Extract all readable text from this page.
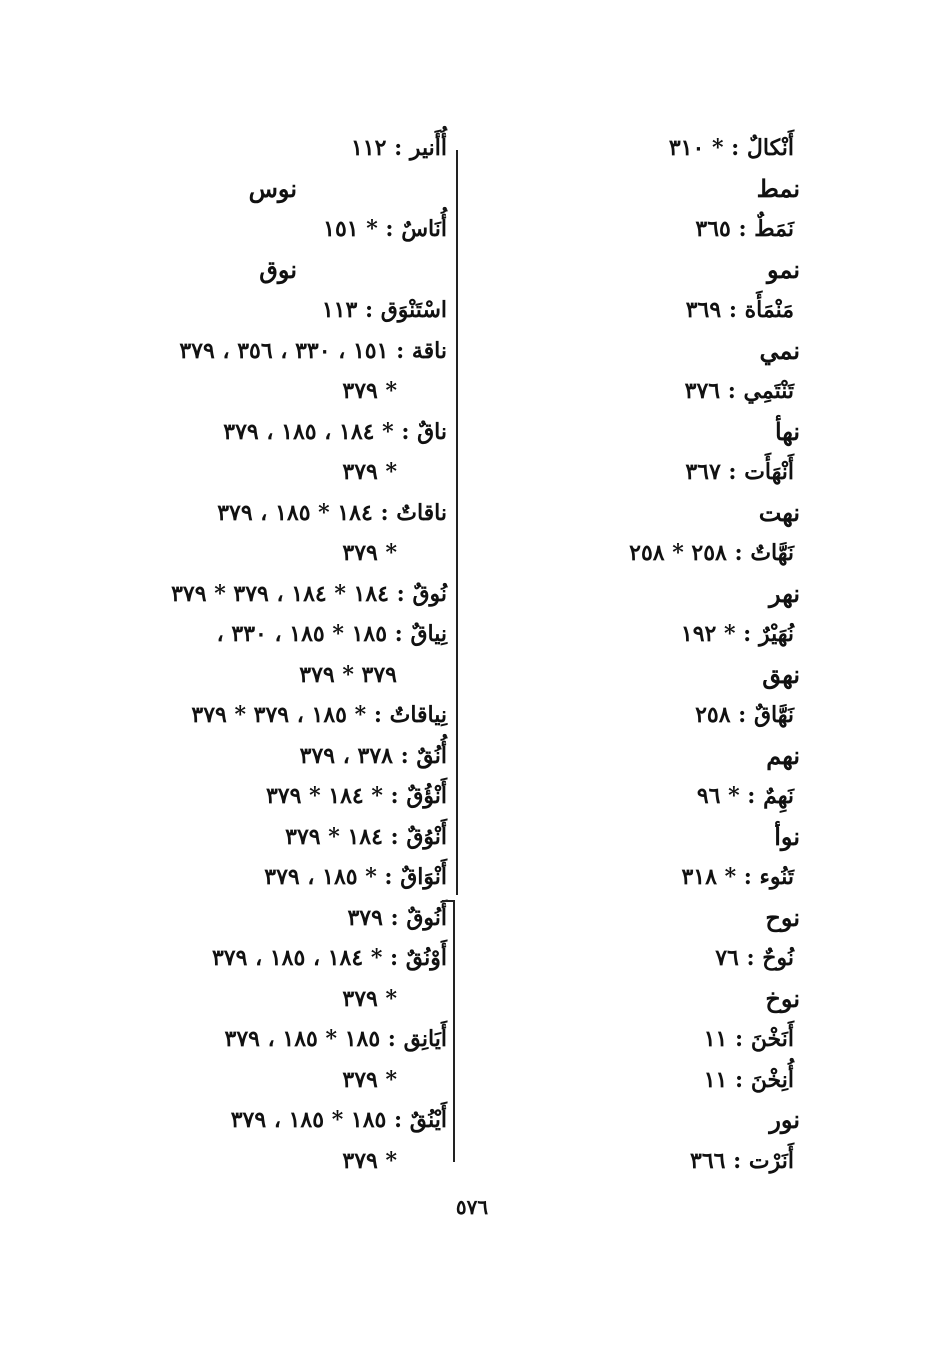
أَنْكالٌ : * ٣١٠
نمط
نَمَطٌ : ٣٦٥
نمو
مَنْمَأَة : ٣٦٩
نمي
تَنْتَمِي : ٣٧٦
نهأ
أَنْهَأَت : ٣٦٧
نهت
نَهَّاتٌ : ٢٥٨ * ٢٥٨
نهر
نُهَيْرٌ : * ١٩٢
نهق
نَهَّاقٌ : ٢٥٨
نهم
نَهِمٌ : * ٩٦
نوأ
تَنُوء : * ٣١٨
نوح
نُوحٌ : ٧٦
نوخ
أَنَخْنَ : ١١
أُنِخْنَ : ١١
نور
أَنَرْت : ٣٦٦
أُأَنير : ١١٢
نوس
أُنَاسٌ : * ١٥١
نوق
اسْتَنْوَق : ١١٣
ناقة : ١٥١ ، ٣٣٠ ، ٣٥٦ ، ٣٧٩
* ٣٧٩
ناقٌ : * ١٨٤ ، ١٨٥ ، ٣٧٩
* ٣٧٩
ناقاتٌ : ١٨٤ * ١٨٥ ، ٣٧٩
* ٣٧٩
نُوقٌ : ١٨٤ * ١٨٤ ، ٣٧٩ * ٣٧٩
نِياقٌ : ١٨٥ * ١٨٥ ، ٣٣٠ ،
٣٧٩ * ٣٧٩
نِياقاتٌ : * ١٨٥ ، ٣٧٩ * ٣٧٩
أُنُقٌ : ٣٧٨ ، ٣٧٩
أَنْؤُقٌ : * ١٨٤ * ٣٧٩
أَنْوُقٌ : ١٨٤ * ٣٧٩
أَنْوَاقٌ : * ١٨٥ ، ٣٧٩
أَنُوقٌ : ٣٧٩
أَوْنُقٌ : * ١٨٤ ، ١٨٥ ، ٣٧٩
* ٣٧٩
أَيَانِق : ١٨٥ * ١٨٥ ، ٣٧٩
* ٣٧٩
أَيْنُقٌ : ١٨٥ * ١٨٥ ، ٣٧٩
* ٣٧٩
٥٧٦
